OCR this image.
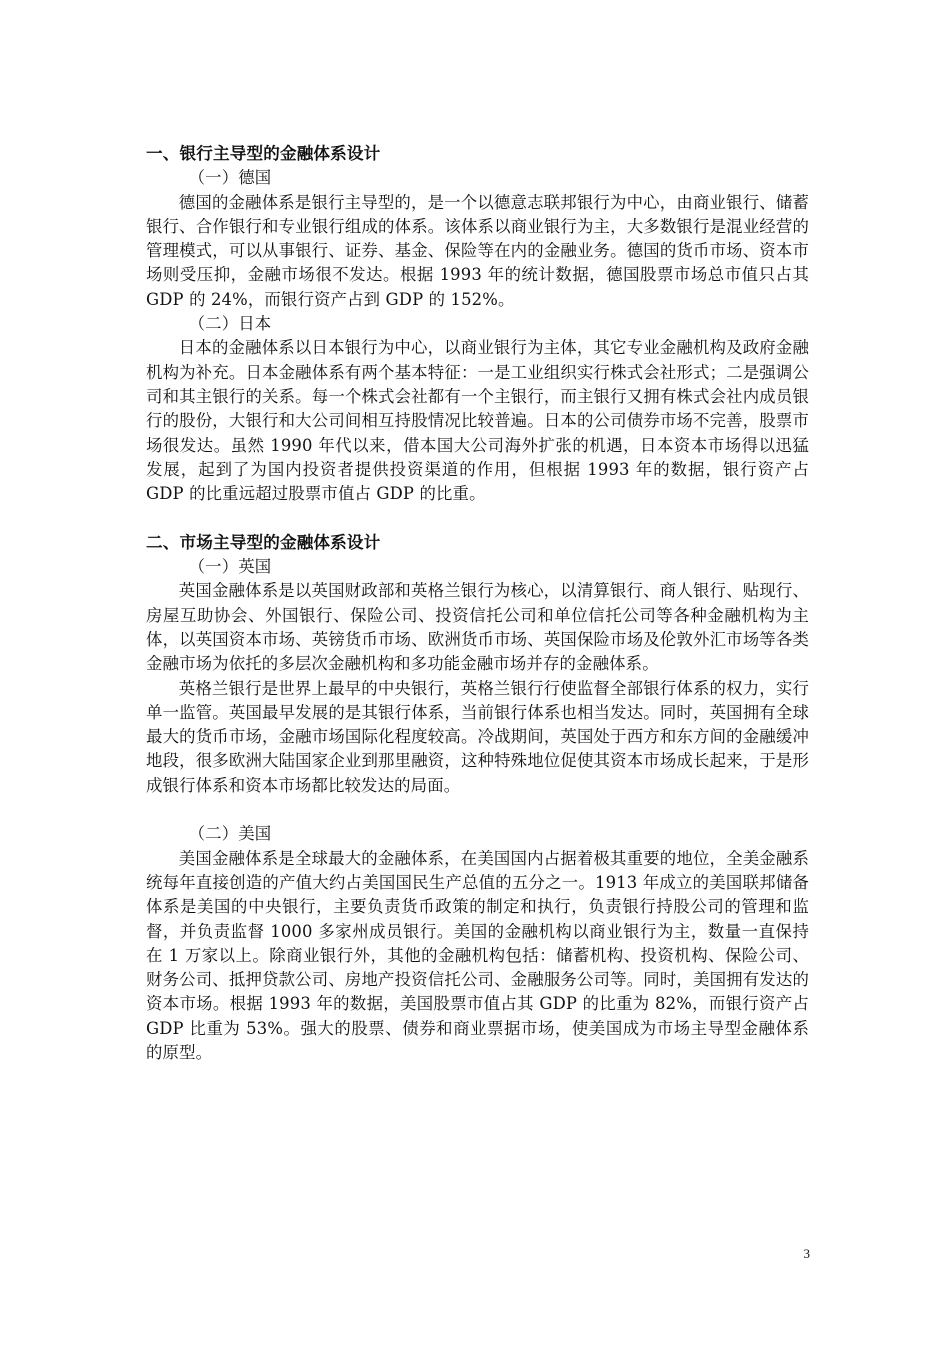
一、银行主导型的金融体系设计

（一）德国

德国的金融体系是银行主导型的，是一个以德意志联邦银行为中心，由商业银行、储蓄银行、合作银行和专业银行组成的体系。该体系以商业银行为主，大多数银行是混业经营的管理模式，可以从事银行、证券、基金、保险等在内的金融业务。德国的货币市场、资本市场则受压抑，金融市场很不发达。根据 1993 年的统计数据，德国股票市场总市值只占其 GDP 的 24%，而银行资产占到 GDP 的 152%。

（二）日本

日本的金融体系以日本银行为中心，以商业银行为主体，其它专业金融机构及政府金融机构为补充。日本金融体系有两个基本特征：一是工业组织实行株式会社形式；二是强调公司和其主银行的关系。每一个株式会社都有一个主银行，而主银行又拥有株式会社内成员银行的股份，大银行和大公司间相互持股情况比较普遍。日本的公司债券市场不完善，股票市场很发达。虽然 1990 年代以来，借本国大公司海外扩张的机遇，日本资本市场得以迅猛发展，起到了为国内投资者提供投资渠道的作用，但根据 1993 年的数据，银行资产占 GDP 的比重远超过股票市值占 GDP 的比重。

二、市场主导型的金融体系设计

（一）英国

英国金融体系是以英国财政部和英格兰银行为核心，以清算银行、商人银行、贴现行、房屋互助协会、外国银行、保险公司、投资信托公司和单位信托公司等各种金融机构为主体，以英国资本市场、英镑货币市场、欧洲货币市场、英国保险市场及伦敦外汇市场等各类金融市场为依托的多层次金融机构和多功能金融市场并存的金融体系。

英格兰银行是世界上最早的中央银行，英格兰银行行使监督全部银行体系的权力，实行单一监管。英国最早发展的是其银行体系，当前银行体系也相当发达。同时，英国拥有全球最大的货币市场，金融市场国际化程度较高。冷战期间，英国处于西方和东方间的金融缓冲地段，很多欧洲大陆国家企业到那里融资，这种特殊地位促使其资本市场成长起来，于是形成银行体系和资本市场都比较发达的局面。

（二）美国

美国金融体系是全球最大的金融体系，在美国国内占据着极其重要的地位，全美金融系统每年直接创造的产值大约占美国国民生产总值的五分之一。1913 年成立的美国联邦储备体系是美国的中央银行，主要负责货币政策的制定和执行，负责银行持股公司的管理和监督，并负责监督 1000 多家州成员银行。美国的金融机构以商业银行为主，数量一直保持在 1 万家以上。除商业银行外，其他的金融机构包括：储蓄机构、投资机构、保险公司、财务公司、抵押贷款公司、房地产投资信托公司、金融服务公司等。同时，美国拥有发达的资本市场。根据 1993 年的数据，美国股票市值占其 GDP 的比重为 82%，而银行资产占 GDP 比重为 53%。强大的股票、债券和商业票据市场，使美国成为市场主导型金融体系的原型。

3
